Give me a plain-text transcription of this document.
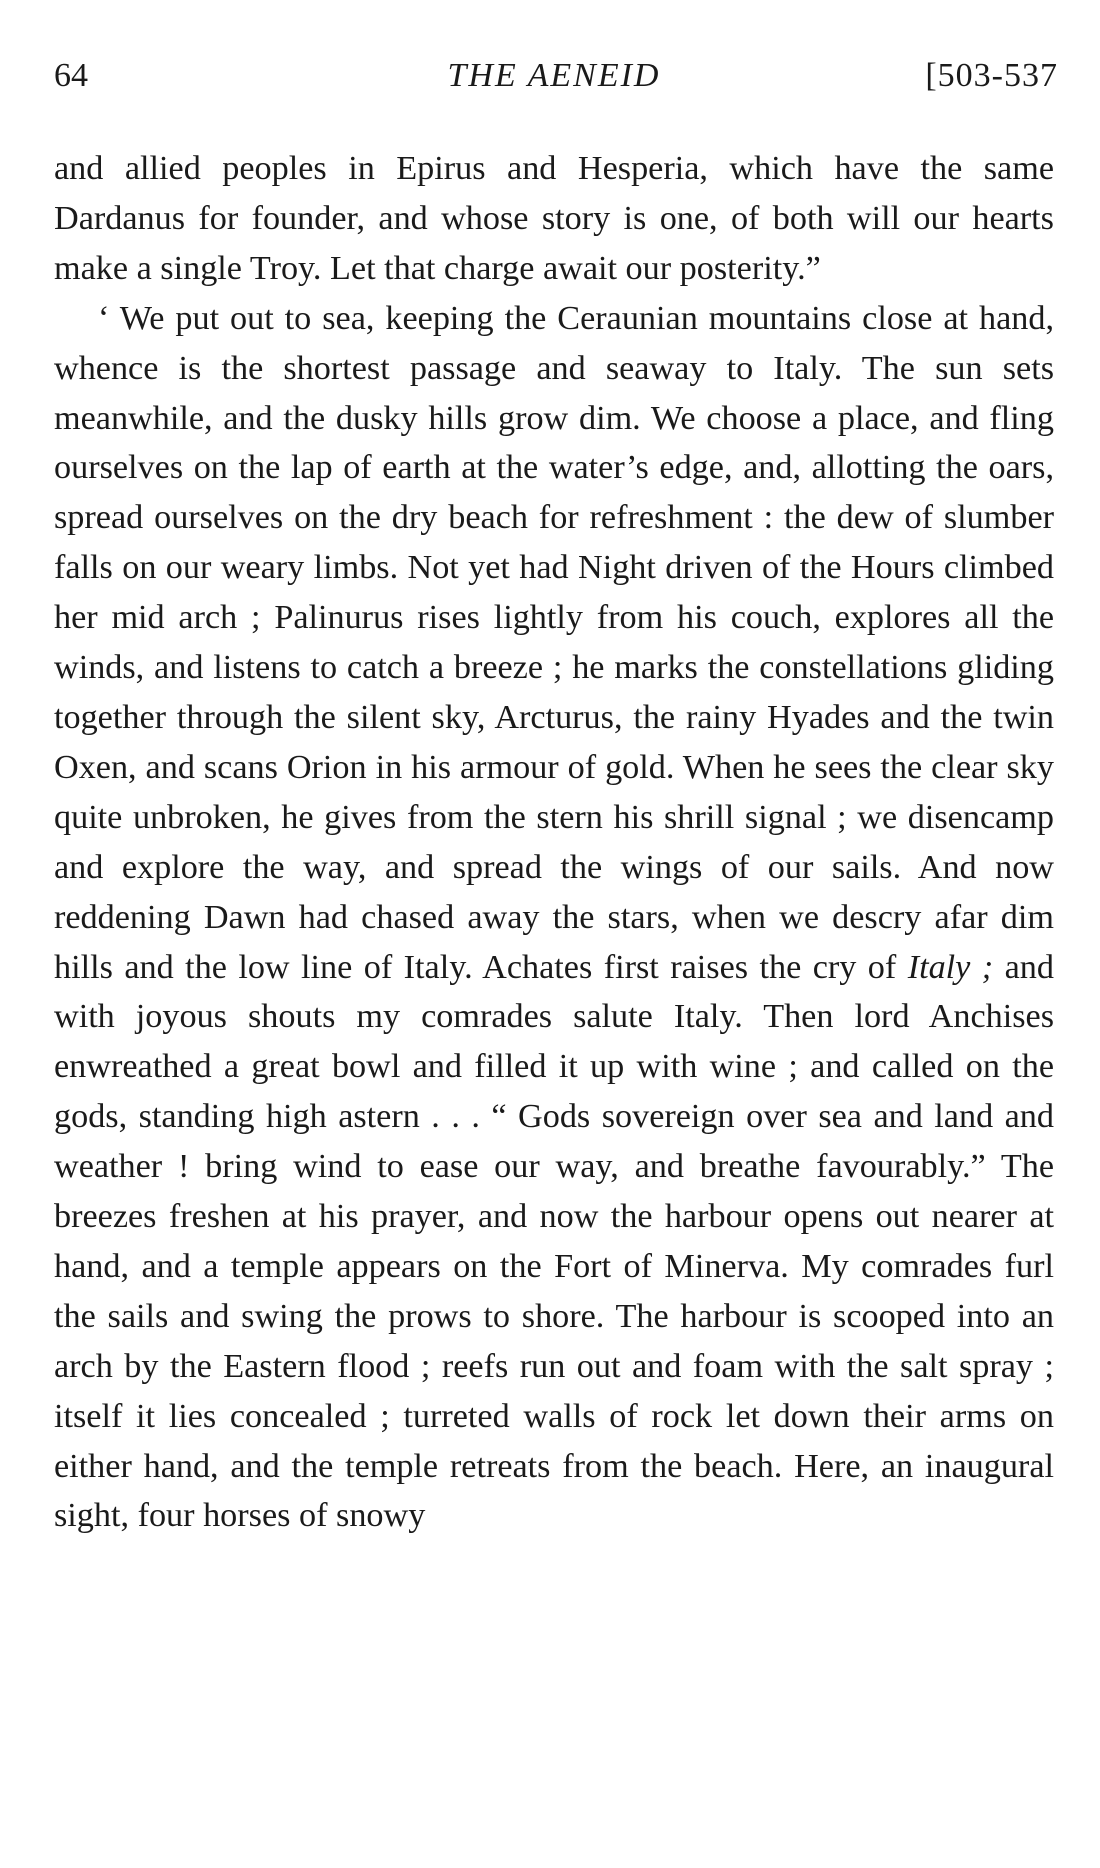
64	THE AENEID	[503-537

and allied peoples in Epirus and Hesperia, which have the same Dardanus for founder, and whose story is one, of both will our hearts make a single Troy. Let that charge await our posterity.”

‘ We put out to sea, keeping the Ceraunian mountains close at hand, whence is the shortest passage and seaway to Italy. The sun sets meanwhile, and the dusky hills grow dim. We choose a place, and fling ourselves on the lap of earth at the water’s edge, and, allotting the oars, spread ourselves on the dry beach for refreshment : the dew of slumber falls on our weary limbs. Not yet had Night driven of the Hours climbed her mid arch ; Palinurus rises lightly from his couch, explores all the winds, and listens to catch a breeze ; he marks the constellations gliding together through the silent sky, Arcturus, the rainy Hyades and the twin Oxen, and scans Orion in his armour of gold. When he sees the clear sky quite unbroken, he gives from the stern his shrill signal ; we disencamp and explore the way, and spread the wings of our sails. And now reddening Dawn had chased away the stars, when we descry afar dim hills and the low line of Italy. Achates first raises the cry of Italy ; and with joyous shouts my comrades salute Italy. Then lord Anchises enwreathed a great bowl and filled it up with wine ; and called on the gods, standing high astern . . . “ Gods sovereign over sea and land and weather ! bring wind to ease our way, and breathe favourably.” The breezes freshen at his prayer, and now the harbour opens out nearer at hand, and a temple appears on the Fort of Minerva. My comrades furl the sails and swing the prows to shore. The harbour is scooped into an arch by the Eastern flood ; reefs run out and foam with the salt spray ; itself it lies concealed ; turreted walls of rock let down their arms on either hand, and the temple retreats from the beach. Here, an inaugural sight, four horses of snowy
